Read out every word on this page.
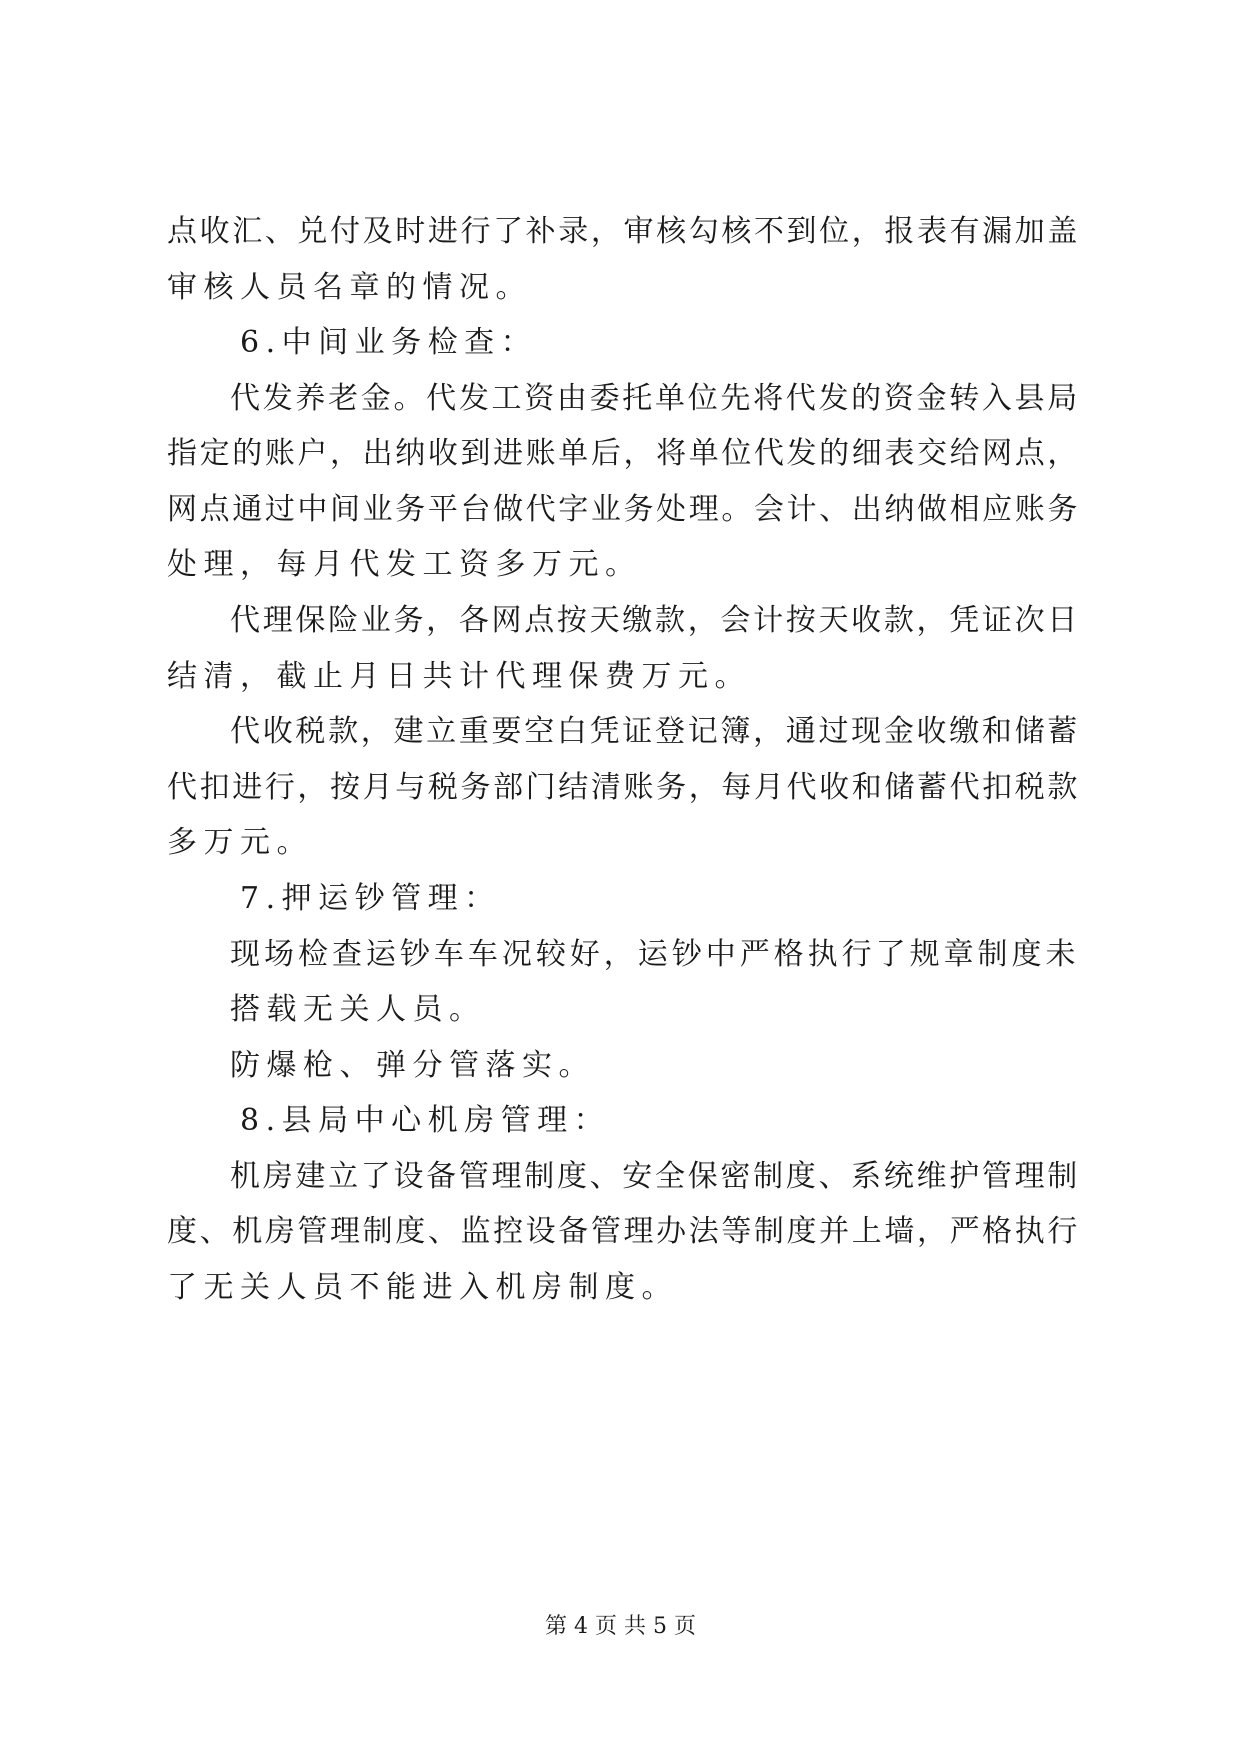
点收汇、兑付及时进行了补录，审核勾核不到位，报表有漏加盖

审核人员名章的情况。

6.中间业务检查：

代发养老金。代发工资由委托单位先将代发的资金转入县局

指定的账户，出纳收到进账单后，将单位代发的细表交给网点，

网点通过中间业务平台做代字业务处理。会计、出纳做相应账务

处理，每月代发工资多万元。

代理保险业务，各网点按天缴款，会计按天收款，凭证次日

结清，截止月日共计代理保费万元。

代收税款，建立重要空白凭证登记簿，通过现金收缴和储蓄

代扣进行，按月与税务部门结清账务，每月代收和储蓄代扣税款

多万元。

7.押运钞管理：

现场检查运钞车车况较好，运钞中严格执行了规章制度未

搭载无关人员。

防爆枪、弹分管落实。

8.县局中心机房管理：

机房建立了设备管理制度、安全保密制度、系统维护管理制

度、机房管理制度、监控设备管理办法等制度并上墙，严格执行

了无关人员不能进入机房制度。

第 4 页 共 5 页
